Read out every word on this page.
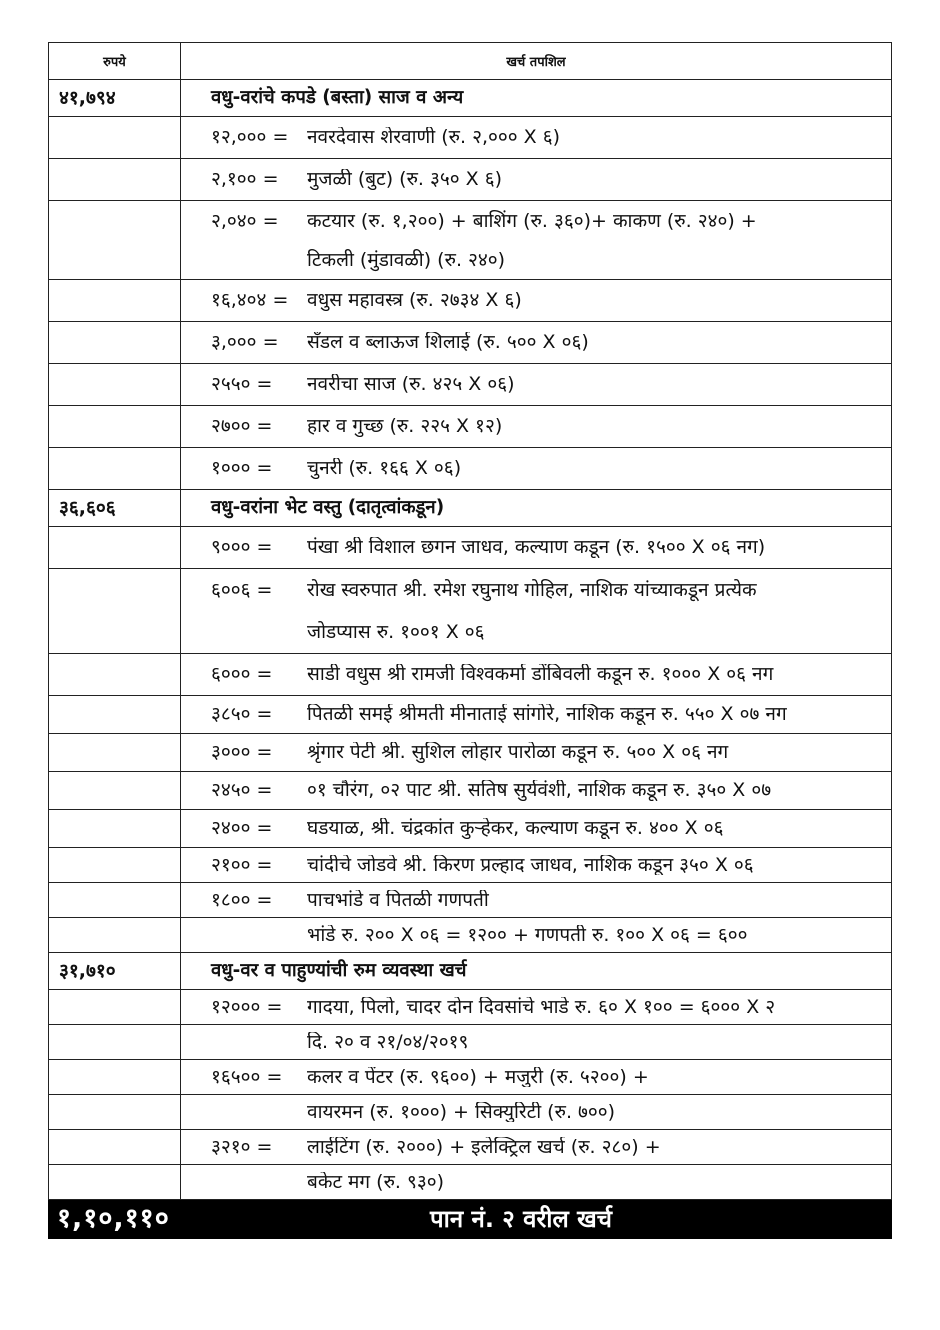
रुपये	खर्च तपशिल
४१,७९४	वधु-वरांचे कपडे (बस्ता) साज व अन्य

	१२,००० = नवरदेवास शेरवाणी (रु. २,००० X ६)

	२,१०० = मुजळी (बुट) (रु. ३५० X ६)

	२,०४० = कटयार (रु. १,२००) + बाशिंग (रु. ३६०)+ काकण (रु. २४०) +
टिकली (मुंडावळी) (रु. २४०)

	१६,४०४ = वधुस महावस्त्र (रु. २७३४ X ६)

	३,००० = सँडल व ब्लाऊज शिलाई (रु. ५०० X ०६)

	२५५० = नवरीचा साज (रु. ४२५ X ०६)

	२७०० = हार व गुच्छ (रु. २२५ X १२)

	१००० = चुनरी (रु. १६६ X ०६)

३६,६०६	वधु-वरांना भेट वस्तु (दातृत्वांकडून)

	९००० = पंखा श्री विशाल छगन जाधव, कल्याण कडून (रु. १५०० X ०६ नग)

	६००६ = रोख स्वरुपात श्री. रमेश रघुनाथ गोहिल, नाशिक यांच्याकडून प्रत्येक
जोडप्यास रु. १००१ X ०६

	६००० = साडी वधुस श्री रामजी विश्वकर्मा डोंबिवली कडून रु. १००० X ०६ नग

	३८५० = पितळी समई श्रीमती मीनाताई सांगोरे, नाशिक कडून रु. ५५० X ०७ नग

	३००० = श्रृंगार पेटी श्री. सुशिल लोहार पारोळा कडून रु. ५०० X ०६ नग

	२४५० = ०१ चौरंग, ०२ पाट श्री. सतिष सुर्यवंशी, नाशिक कडून रु. ३५० X ०७

	२४०० = घडयाळ, श्री. चंद्रकांत कुऱ्हेकर, कल्याण कडून रु. ४०० X ०६

	२१०० = चांदीचे जोडवे श्री. किरण प्रल्हाद जाधव, नाशिक कडून ३५० X ०६

	१८०० = पाचभांडे व पितळी गणपती

	भांडे रु. २०० X ०६ = १२०० + गणपती रु. १०० X ०६ = ६००

३१,७१०	वधु-वर व पाहुण्यांची रुम व्यवस्था खर्च

	१२००० = गादया, पिलो, चादर दोन दिवसांचे भाडे रु. ६० X १०० = ६००० X २

	दि. २० व २१/०४/२०१९

	१६५०० = कलर व पेंटर (रु. ९६००) + मजुरी (रु. ५२००) +

	वायरमन (रु. १०००) + सिक्युरिटी (रु. ७००)

	३२१० = लाईटिंग (रु. २०००) + इलेक्ट्रिल खर्च (रु. २८०) +

	बकेट मग (रु. ९३०)

१,१०,११०	पान नं. २ वरील खर्च
